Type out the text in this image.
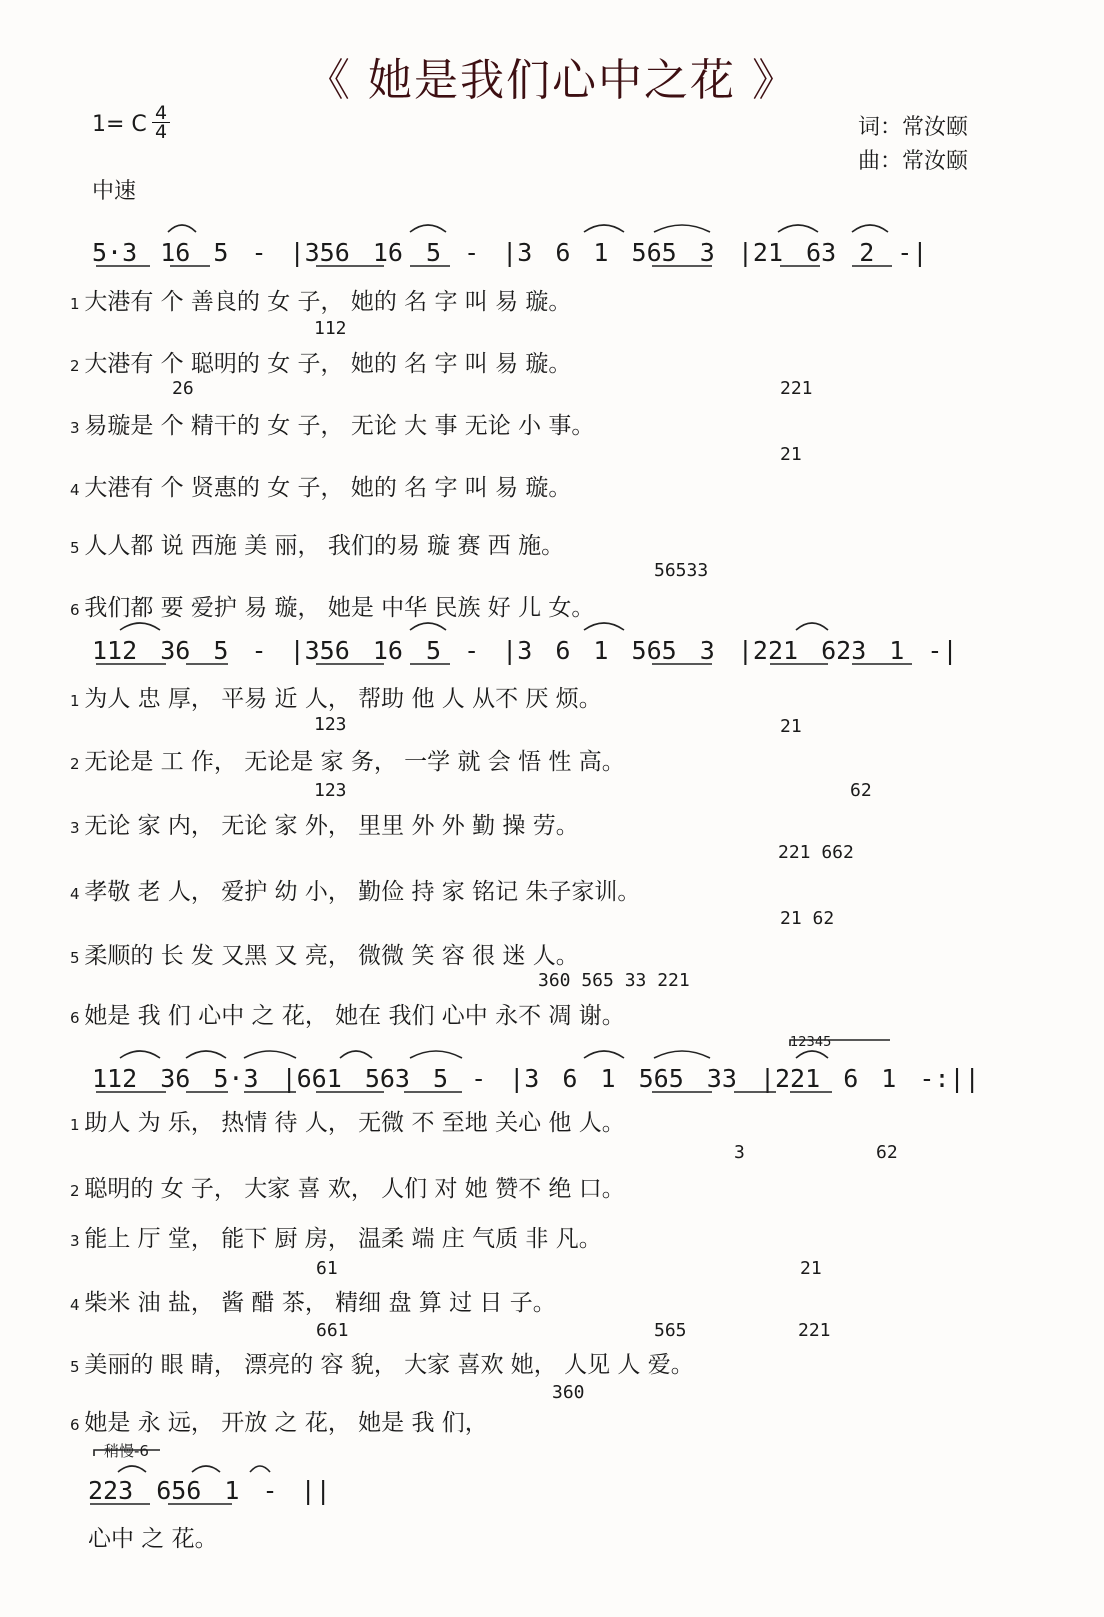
《 她是我们心中之花 》
1= C 4
4
中速
词：常汝颐
曲：常汝颐
5·3 16 5 - |356 16 5 - |3 6 1 565 3 |21 63 2 -|
1 大港有 个 善良的 女 子， 她的 名 字 叫 易 璇。
2 大港有 个 聪明的 女 子， 她的 名 字 叫 易 璇。
3 易璇是 个 精干的 女 子， 无论 大 事 无论 小 事。
4 大港有 个 贤惠的 女 子， 她的 名 字 叫 易 璇。
5 人人都 说 西施 美 丽， 我们的易 璇 赛 西 施。
6 我们都 要 爱护 易 璇， 她是 中华 民族 好 儿 女。
112
26	221
21
56533
112 36 5 - |356 16 5 - |3 6 1 565 3 |221 623 1 -|
1 为人 忠 厚， 平易 近 人， 帮助 他 人 从不 厌 烦。
2 无论是 工 作， 无论是 家 务， 一学 就 会 悟 性 高。
3 无论 家 内， 无论 家 外， 里里 外 外 勤 操 劳。
4 孝敬 老 人， 爱护 幼 小， 勤俭 持 家 铭记 朱子家训。
5 柔顺的 长 发 又黑 又 亮， 微微 笑 容 很 迷 人。
6 她是 我 们 心中 之 花， 她在 我们 心中 永不 凋 谢。
123	21
123	62
221 662
21 62
360 565 33 221
12345
112 36 5·3 |661 563 5 - |3 6 1 565 33 |221 6 1 -:||
1 助人 为 乐， 热情 待 人， 无微 不 至地 关心 他 人。
2 聪明的 女 子， 大家 喜 欢， 人们 对 她 赞不 绝 口。
3 能上 厅 堂， 能下 厨 房， 温柔 端 庄 气质 非 凡。
4 柴米 油 盐， 酱 醋 茶， 精细 盘 算 过 日 子。
5 美丽的 眼 睛， 漂亮的 容 貌， 大家 喜欢 她， 人见 人 爱。
6 她是 永 远， 开放 之 花， 她是 我 们，
3	62
61	21
661	565	221
360
稍慢-6
223 656 1 - ||
心中 之 花。
